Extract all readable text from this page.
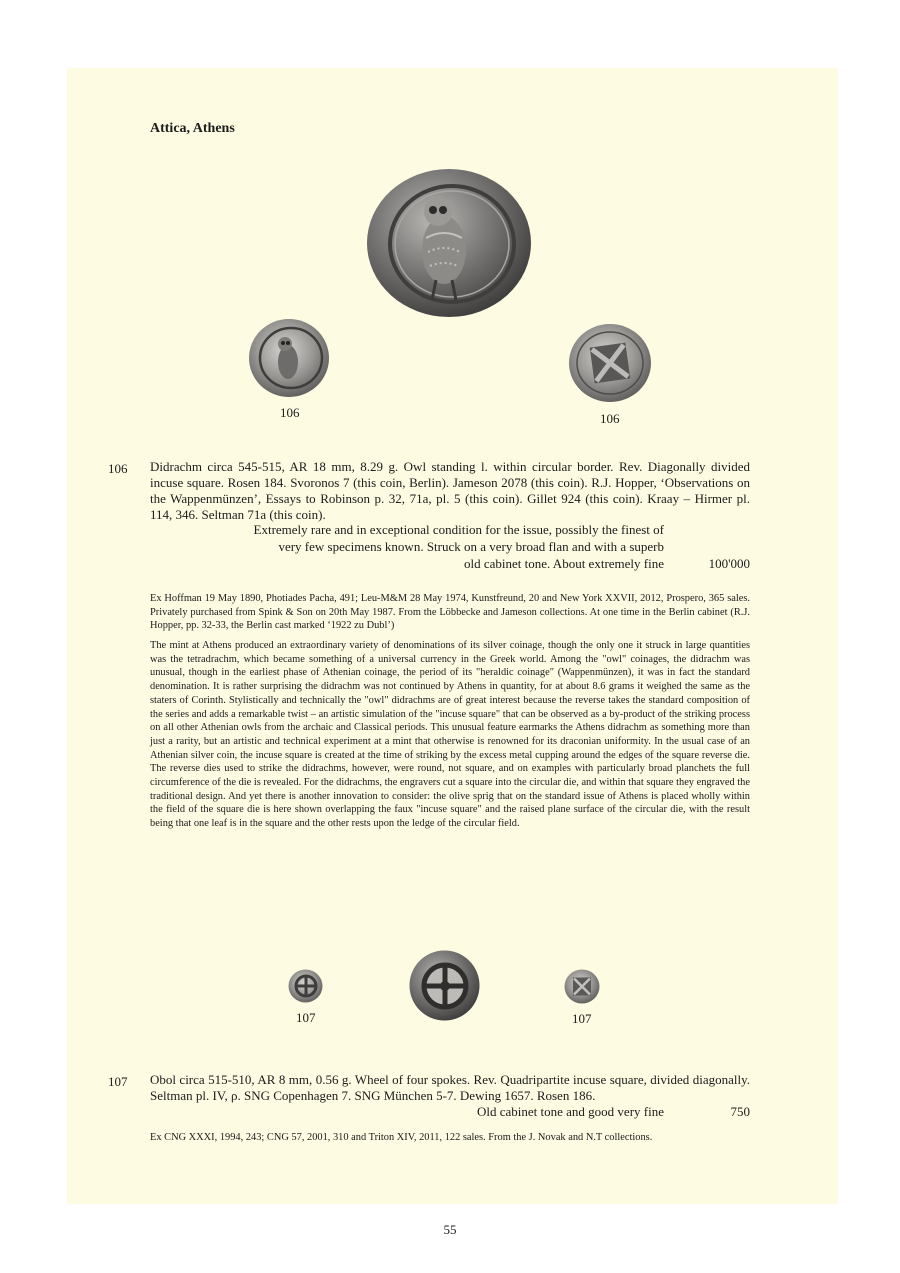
Attica, Athens
106	106
106 Didrachm circa 545-515, AR 18 mm, 8.29 g. Owl standing l. within circular border. Rev. Diagonally divided incuse square. Rosen 184. Svoronos 7 (this coin, Berlin). Jameson 2078 (this coin). R.J. Hopper, ‘Observations on the Wappenmünzen’, Essays to Robinson p. 32, 71a, pl. 5 (this coin). Gillet 924 (this coin). Kraay – Hirmer pl. 114, 346. Seltman 71a (this coin).
Extremely rare and in exceptional condition for the issue, possibly the finest of
very few specimens known. Struck on a very broad flan and with a superb
old cabinet tone. About extremely fine	100'000
Ex Hoffman 19 May 1890, Photiades Pacha, 491; Leu-M&M 28 May 1974, Kunstfreund, 20 and New York XXVII, 2012, Prospero, 365 sales. Privately purchased from Spink & Son on 20th May 1987. From the Löbbecke and Jameson collections. At one time in the Berlin cabinet (R.J. Hopper, pp. 32-33, the Berlin cast marked ‘1922 zu Dubl’)
The mint at Athens produced an extraordinary variety of denominations of its silver coinage, though the only one it struck in large quantities was the tetradrachm, which became something of a universal currency in the Greek world. Among the "owl" coinages, the didrachm was unusual, though in the earliest phase of Athenian coinage, the period of its "heraldic coinage" (Wappenmünzen), it was in fact the standard denomination. It is rather surprising the didrachm was not continued by Athens in quantity, for at about 8.6 grams it weighed the same as the staters of Corinth. Stylistically and technically the "owl" didrachms are of great interest because the reverse takes the standard composition of the series and adds a remarkable twist – an artistic simulation of the "incuse square" that can be observed as a by-product of the striking process on all other Athenian owls from the archaic and Classical periods. This unusual feature earmarks the Athens didrachm as something more than just a rarity, but an artistic and technical experiment at a mint that otherwise is renowned for its draconian uniformity. In the usual case of an Athenian silver coin, the incuse square is created at the time of striking by the excess metal cupping around the edges of the square reverse die. The reverse dies used to strike the didrachms, however, were round, not square, and on examples with particularly broad planchets the full circumference of the die is revealed. For the didrachms, the engravers cut a square into the circular die, and within that square they engraved the traditional design. And yet there is another innovation to consider: the olive sprig that on the standard issue of Athens is placed wholly within the field of the square die is here shown overlapping the faux "incuse square" and the raised plane surface of the circular die, with the result being that one leaf is in the square and the other rests upon the ledge of the circular field.
107	107
107 Obol circa 515-510, AR 8 mm, 0.56 g. Wheel of four spokes. Rev. Quadripartite incuse square, divided diagonally. Seltman pl. IV, ρ. SNG Copenhagen 7. SNG München 5-7. Dewing 1657. Rosen 186.
Old cabinet tone and good very fine	750
Ex CNG XXXI, 1994, 243; CNG 57, 2001, 310 and Triton XIV, 2011, 122 sales. From the J. Novak and N.T collections.
55
